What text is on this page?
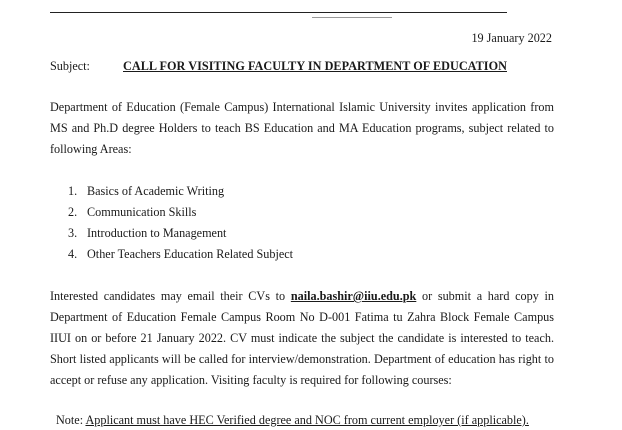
19 January 2022
Subject:	CALL FOR VISITING FACULTY IN DEPARTMENT OF EDUCATION
Department of Education (Female Campus) International Islamic University invites application from
MS and Ph.D degree Holders to teach BS Education and MA Education programs, subject related to
following Areas:
1. Basics of Academic Writing
2. Communication Skills
3. Introduction to Management
4. Other Teachers Education Related Subject
Interested candidates may email their CVs to naila.bashir@iiu.edu.pk or submit a hard copy in
Department of Education Female Campus Room No D-001 Fatima tu Zahra Block Female Campus
IIUI on or before 21 January 2022. CV must indicate the subject the candidate is interested to teach.
Short listed applicants will be called for interview/demonstration. Department of education has right to
accept or refuse any application. Visiting faculty is required for following courses:
Note: Applicant must have HEC Verified degree and NOC from current employer (if applicable).
